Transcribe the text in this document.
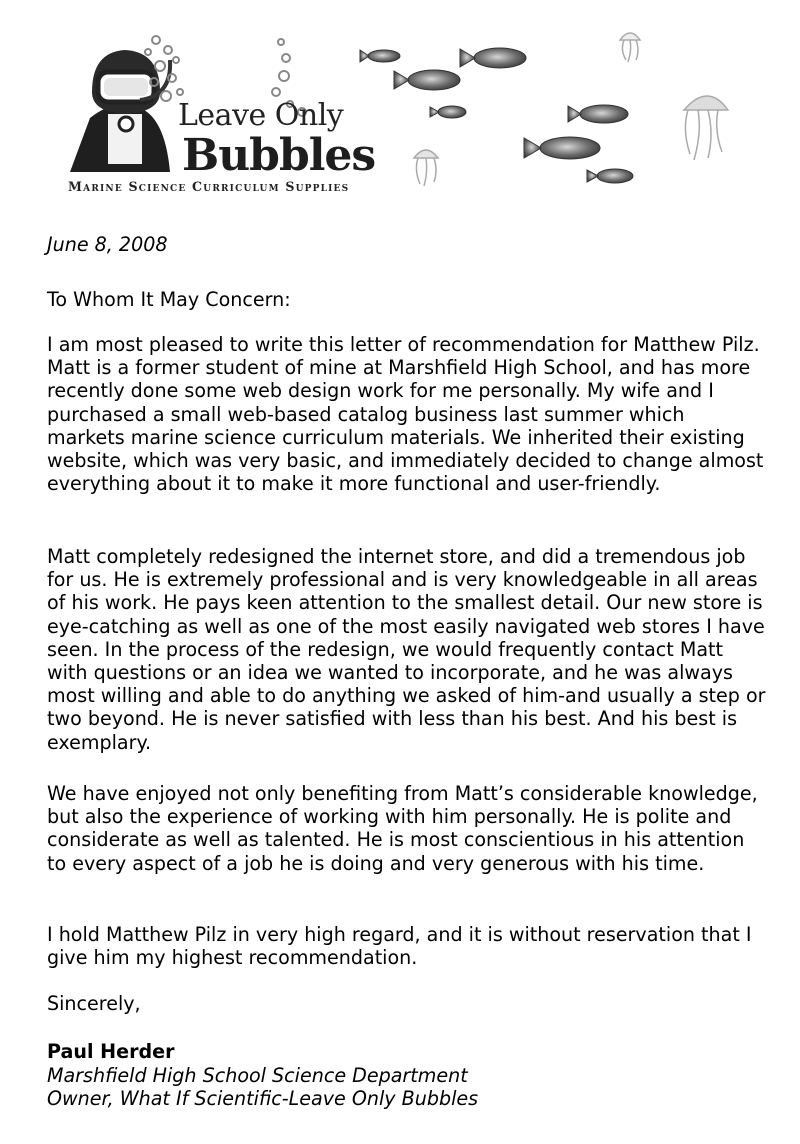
Leave Only
Bubbles
Marine Science Curriculum Supplies
June 8, 2008
To Whom It May Concern:

I am most pleased to write this letter of recommendation for Matthew Pilz. Matt is a former student of mine at Marshfield High School, and has more recently done some web design work for me personally. My wife and I purchased a small web-based catalog business last summer which markets marine science curriculum materials. We inherited their existing website, which was very basic, and immediately decided to change almost everything about it to make it more functional and user-friendly.

Matt completely redesigned the internet store, and did a tremendous job for us. He is extremely professional and is very knowledgeable in all areas of his work. He pays keen attention to the smallest detail. Our new store is eye-catching as well as one of the most easily navigated web stores I have seen. In the process of the redesign, we would frequently contact Matt with questions or an idea we wanted to incorporate, and he was always most willing and able to do anything we asked of him-and usually a step or two beyond. He is never satisfied with less than his best. And his best is exemplary.

We have enjoyed not only benefiting from Matt’s considerable knowledge, but also the experience of working with him personally. He is polite and considerate as well as talented. He is most conscientious in his attention to every aspect of a job he is doing and very generous with his time.

I hold Matthew Pilz in very high regard, and it is without reservation that I give him my highest recommendation.

Sincerely,
Paul Herder
Marshfield High School Science Department
Owner, What If Scientific-Leave Only Bubbles
